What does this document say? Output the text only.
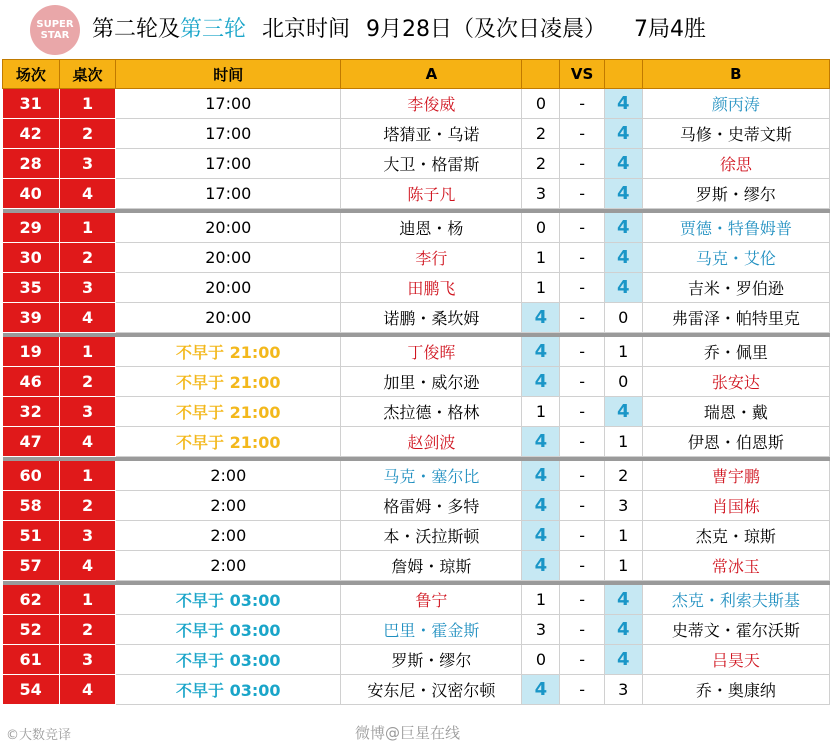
SUPER STAR	第二轮及第三轮 北京时间 9月28日（及次日凌晨） 7局4胜
场次	桌次	时间	A		VS		B
31	1	17:00	李俊威	0	-	4	颜丙涛
42	2	17:00	塔猜亚・乌诺	2	-	4	马修・史蒂文斯
28	3	17:00	大卫・格雷斯	2	-	4	徐思
40	4	17:00	陈子凡	3	-	4	罗斯・缪尔

29	1	20:00	迪恩・杨	0	-	4	贾德・特鲁姆普
30	2	20:00	李行	1	-	4	马克・艾伦
35	3	20:00	田鹏飞	1	-	4	吉米・罗伯逊
39	4	20:00	诺鹏・桑坎姆	4	-	0	弗雷泽・帕特里克

19	1	不早于 21:00	丁俊晖	4	-	1	乔・佩里
46	2	不早于 21:00	加里・威尔逊	4	-	0	张安达
32	3	不早于 21:00	杰拉德・格林	1	-	4	瑞恩・戴
47	4	不早于 21:00	赵剑波	4	-	1	伊恩・伯恩斯

60	1	2:00	马克・塞尔比	4	-	2	曹宇鹏
58	2	2:00	格雷姆・多特	4	-	3	肖国栋
51	3	2:00	本・沃拉斯顿	4	-	1	杰克・琼斯
57	4	2:00	詹姆・琼斯	4	-	1	常冰玉

62	1	不早于 03:00	鲁宁	1	-	4	杰克・利索夫斯基
52	2	不早于 03:00	巴里・霍金斯	3	-	4	史蒂文・霍尔沃斯
61	3	不早于 03:00	罗斯・缪尔	0	-	4	吕昊天
54	4	不早于 03:00	安东尼・汉密尔顿	4	-	3	乔・奥康纳
©大数竞译	微博@巨星在线
